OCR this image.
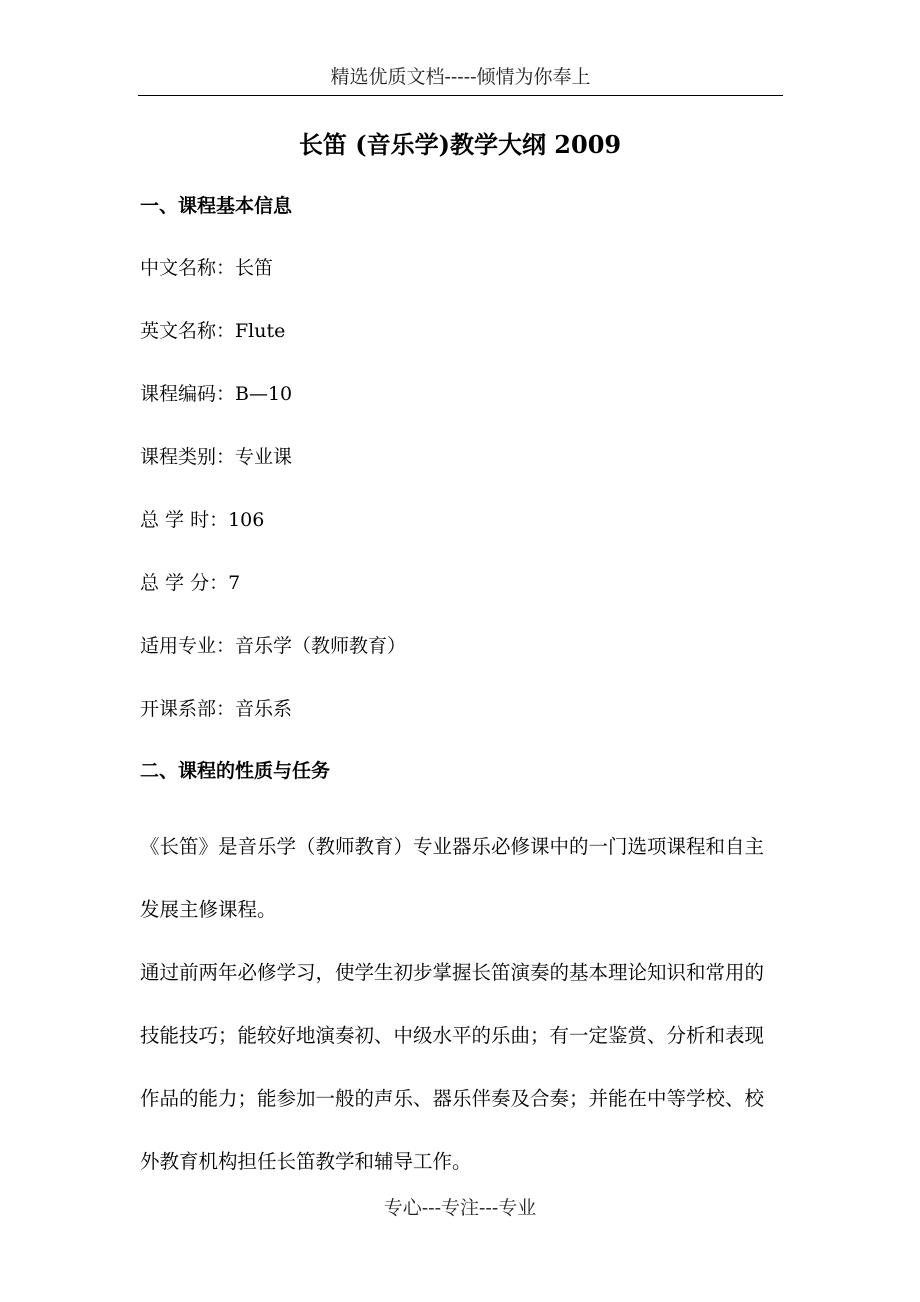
精选优质文档-----倾情为你奉上
长笛 (音乐学)教学大纲 2009
一、课程基本信息
中文名称：长笛
英文名称：Flute
课程编码：B—10
课程类别：专业课
总 学 时：106
总 学 分：7
适用专业：音乐学（教师教育）
开课系部：音乐系
二、课程的性质与任务

《长笛》是音乐学（教师教育）专业器乐必修课中的一门选项课程和自主发展主修课程。

通过前两年必修学习，使学生初步掌握长笛演奏的基本理论知识和常用的技能技巧；能较好地演奏初、中级水平的乐曲；有一定鉴赏、分析和表现作品的能力；能参加一般的声乐、器乐伴奏及合奏；并能在中等学校、校外教育机构担任长笛教学和辅导工作。

专心---专注---专业
